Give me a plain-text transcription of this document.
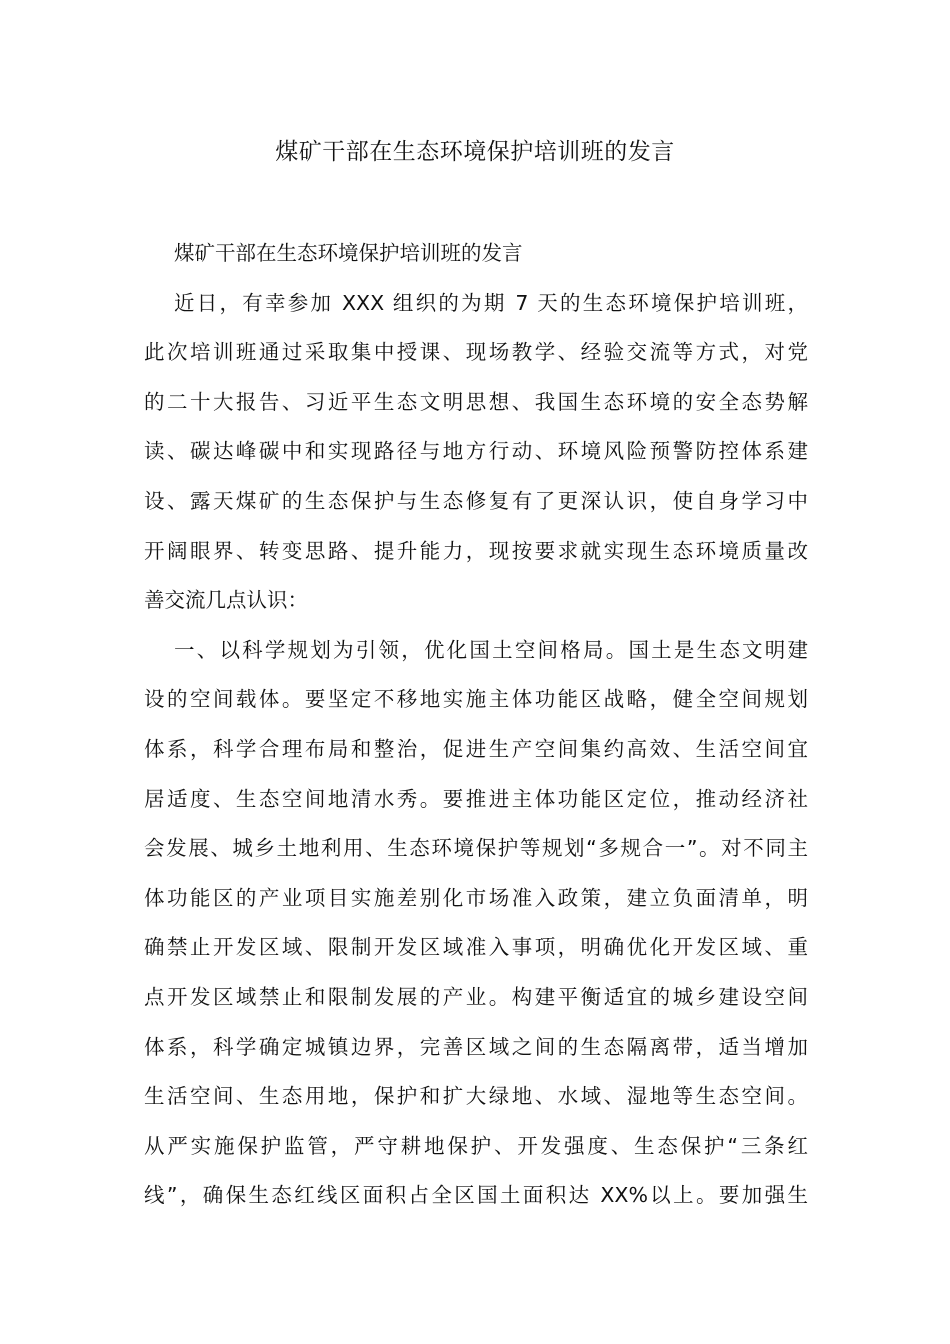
煤矿干部在生态环境保护培训班的发言
煤矿干部在生态环境保护培训班的发言
近日，有幸参加 XXX 组织的为期 7 天的生态环境保护培训班，
此次培训班通过采取集中授课、现场教学、经验交流等方式，对党
的二十大报告、习近平生态文明思想、我国生态环境的安全态势解
读、碳达峰碳中和实现路径与地方行动、环境风险预警防控体系建
设、露天煤矿的生态保护与生态修复有了更深认识，使自身学习中
开阔眼界、转变思路、提升能力，现按要求就实现生态环境质量改
善交流几点认识：
一、以科学规划为引领，优化国土空间格局。国土是生态文明建
设的空间载体。要坚定不移地实施主体功能区战略，健全空间规划
体系，科学合理布局和整治，促进生产空间集约高效、生活空间宜
居适度、生态空间地清水秀。要推进主体功能区定位，推动经济社
会发展、城乡土地利用、生态环境保护等规划“多规合一”。对不同主
体功能区的产业项目实施差别化市场准入政策，建立负面清单，明
确禁止开发区域、限制开发区域准入事项，明确优化开发区域、重
点开发区域禁止和限制发展的产业。构建平衡适宜的城乡建设空间
体系，科学确定城镇边界，完善区域之间的生态隔离带，适当增加
生活空间、生态用地，保护和扩大绿地、水域、湿地等生态空间。
从严实施保护监管，严守耕地保护、开发强度、生态保护“三条红
线”，确保生态红线区面积占全区国土面积达 XX%以上。要加强生
